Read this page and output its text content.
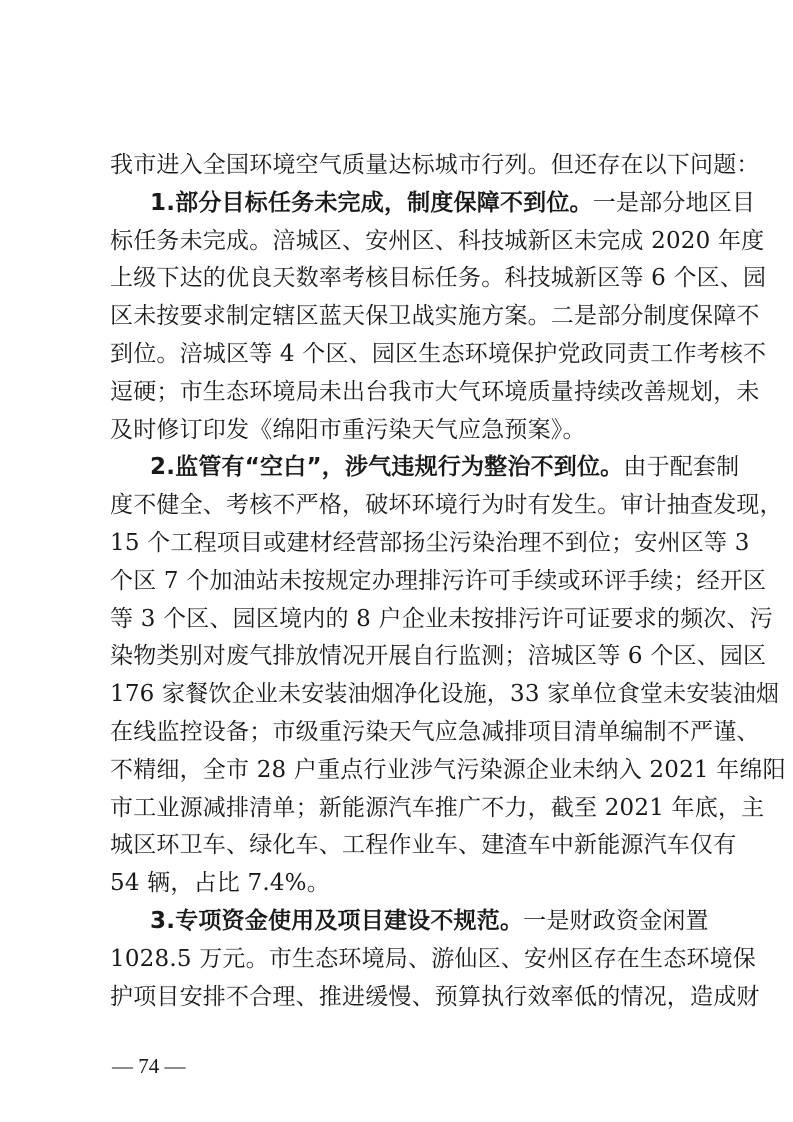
我市进入全国环境空气质量达标城市行列。但还存在以下问题：
1.部分目标任务未完成，制度保障不到位。一是部分地区目
标任务未完成。涪城区、安州区、科技城新区未完成 2020 年度
上级下达的优良天数率考核目标任务。科技城新区等 6 个区、园
区未按要求制定辖区蓝天保卫战实施方案。二是部分制度保障不
到位。涪城区等 4 个区、园区生态环境保护党政同责工作考核不
逗硬；市生态环境局未出台我市大气环境质量持续改善规划，未
及时修订印发《绵阳市重污染天气应急预案》。
2.监管有“空白”，涉气违规行为整治不到位。由于配套制
度不健全、考核不严格，破坏环境行为时有发生。审计抽查发现，
15 个工程项目或建材经营部扬尘污染治理不到位；安州区等 3
个区 7 个加油站未按规定办理排污许可手续或环评手续；经开区
等 3 个区、园区境内的 8 户企业未按排污许可证要求的频次、污
染物类别对废气排放情况开展自行监测；涪城区等 6 个区、园区
176 家餐饮企业未安装油烟净化设施，33 家单位食堂未安装油烟
在线监控设备；市级重污染天气应急减排项目清单编制不严谨、
不精细，全市 28 户重点行业涉气污染源企业未纳入 2021 年绵阳
市工业源减排清单；新能源汽车推广不力，截至 2021 年底，主
城区环卫车、绿化车、工程作业车、建渣车中新能源汽车仅有
54 辆，占比 7.4%。
3.专项资金使用及项目建设不规范。一是财政资金闲置
1028.5 万元。市生态环境局、游仙区、安州区存在生态环境保
护项目安排不合理、推进缓慢、预算执行效率低的情况，造成财
— 74 —
